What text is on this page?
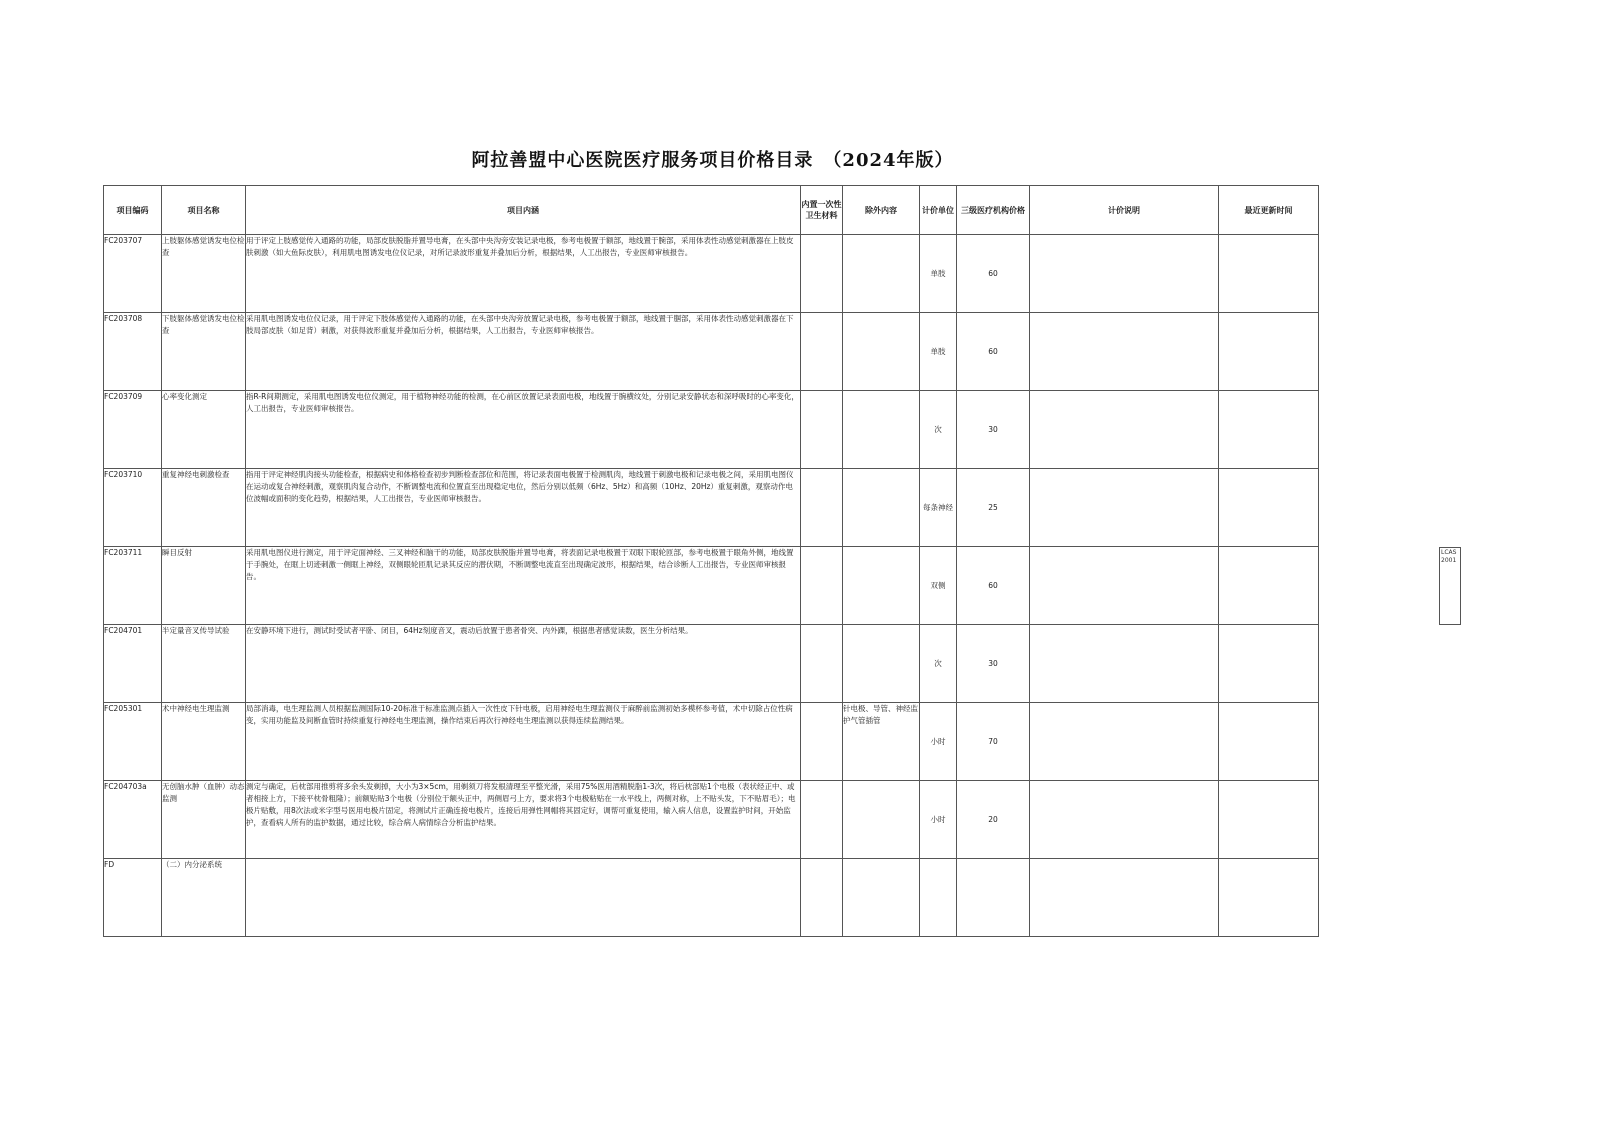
阿拉善盟中心医院医疗服务项目价格目录　（2024年版）
项目编码	项目名称	项目内涵	内置一次性卫生材料	除外内容	计价单位	三级医疗机构价格	计价说明	最近更新时间
FC203707	上肢躯体感觉诱发电位检查	用于评定上肢感觉传入通路的功能，局部皮肤脱脂并置导电膏，在头部中央沟旁安装记录电极，参考电极置于额部，地线置于腕部，采用体表性动感觉刺激器在上肢皮肤刺激（如大鱼际皮肤），利用肌电图诱发电位仪记录，对所记录波形重复并叠加后分析，根据结果，人工出报告，专业医师审核报告。			单肢	60		
FC203708	下肢躯体感觉诱发电位检查	采用肌电图诱发电位仪记录，用于评定下肢体感觉传入通路的功能，在头部中央沟旁放置记录电极，参考电极置于额部，地线置于腘部，采用体表性动感觉刺激器在下肢局部皮肤（如足背）刺激，对获得波形重复并叠加后分析，根据结果，人工出报告，专业医师审核报告。			单肢	60		
FC203709	心率变化测定	指R-R间期测定，采用肌电图诱发电位仪测定，用于植物神经功能的检测，在心前区放置记录表面电极，地线置于腕横纹处，分别记录安静状态和深呼吸时的心率变化，人工出报告，专业医师审核报告。			次	30		
FC203710	重复神经电刺激检查	指用于评定神经肌肉接头功能检查，根据病史和体格检查初步判断检查部位和范围，将记录表面电极置于检测肌肉，地线置于刺激电极和记录电极之间，采用肌电图仪在运动或复合神经刺激，观察肌肉复合动作，不断调整电流和位置直至出现稳定电位，然后分别以低频（6Hz、5Hz）和高频（10Hz、20Hz）重复刺激，观察动作电位波幅或面积的变化趋势，根据结果，人工出报告，专业医师审核报告。			每条神经	25		
FC203711	瞬目反射	采用肌电图仪进行测定，用于评定面神经、三叉神经和脑干的功能，局部皮肤脱脂并置导电膏，将表面记录电极置于双眼下眼轮匝部，参考电极置于眼角外侧，地线置于手腕处，在眶上切迹刺激一侧眶上神经，双侧眼轮匝肌记录其反应的潜伏期，不断调整电流直至出现确定波形，根据结果，结合诊断人工出报告，专业医师审核报告。			双侧	60		
FC204701	半定量音叉传导试验	在安静环境下进行，测试时受试者平卧、闭目，64Hz刻度音叉，震动后放置于患者骨突、内外踝，根据患者感觉读数，医生分析结果。			次	30		
FC205301	术中神经电生理监测	局部消毒，电生理监测人员根据监测国际10-20标准于标准监测点插入一次性皮下针电极，启用神经电生理监测仪于麻醉前监测初始多模杯参考值，术中切除占位性病变，实用功能监及间断血管时持续重复行神经电生理监测，操作结束后再次行神经电生理监测以获得连续监测结果。		针电极、导管、神经监护气管插管	小时	70		
FC204703a	无创脑水肿（血肿）动态监测	测定与确定，后枕部用推剪将多余头发剃掉，大小为3×5cm，用剃须刀将发根清理至平整光滑，采用75%医用酒精脱脂1-3次，将后枕部贴1个电极（表状经正中、或者相接上方，下接平枕骨粗隆）；前额贴贴3个电极（分别位于额头正中，两侧眉弓上方，要求将3个电极粘贴在一水平线上，两侧对称，上不贴头发，下不贴眉毛）；电极片贴敷，用8次法或米字型号医用电极片固定，将测试片正确连接电极片，连接后用弹性网帽将其固定好，调帮可重复使用，输入病人信息，设置监护时间，开始监护，查看病人所有的监护数据，通过比较，综合病人病情综合分析监护结果。			小时	20		
FD	（二）内分泌系统							
LCAS2001
